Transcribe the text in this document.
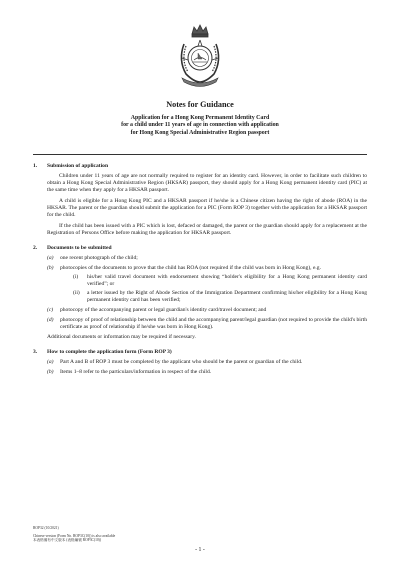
Notes for Guidance
Application for a Hong Kong Permanent Identity Card
for a child under 11 years of age in connection with application
for Hong Kong Special Administrative Region passport
1.	Submission of application
Children under 11 years of age are not normally required to register for an identity card. However, in order to facilitate such children to obtain a Hong Kong Special Administrative Region (HKSAR) passport, they should apply for a Hong Kong permanent identity card (PIC) at the same time when they apply for a HKSAR passport.
A child is eligible for a Hong Kong PIC and a HKSAR passport if he/she is a Chinese citizen having the right of abode (ROA) in the HKSAR. The parent or the guardian should submit the application for a PIC (Form ROP 3) together with the application for a HKSAR passport for the child.
If the child has been issued with a PIC which is lost, defaced or damaged, the parent or the guardian should apply for a replacement at the Registration of Persons Office before making the application for HKSAR passport.
2.	Documents to be submitted
(a)	one recent photograph of the child;
(b)	photocopies of the documents to prove that the child has ROA (not required if the child was born in Hong Kong), e.g.
(i)	his/her valid travel document with endorsement showing “holder's eligibility for a Hong Kong permanent identity card verified”; or
(ii)	a letter issued by the Right of Abode Section of the Immigration Department confirming his/her eligibility for a Hong Kong permanent identity card has been verified;
(c)	photocopy of the accompanying parent or legal guardian's identity card/travel document; and
(d)	photocopy of proof of relationship between the child and the accompanying parent/legal guardian (not required to provide the child's birth certificate as proof of relationship if he/she was born in Hong Kong).
Additional documents or information may be required if necessary.
3.	How to complete the application form (Form ROP 3)
(a)	Part A and B of ROP 3 must be completed by the applicant who should be the parent or guardian of the child.
(b)	Items 1–8 refer to the particulars/information in respect of the child.
ROP32 (10/2021)
Chinese version (Form No. ROP3C(10)) is also available
本表格備有中文版本 (表格編號 ROP3C(10))
- 1 -
